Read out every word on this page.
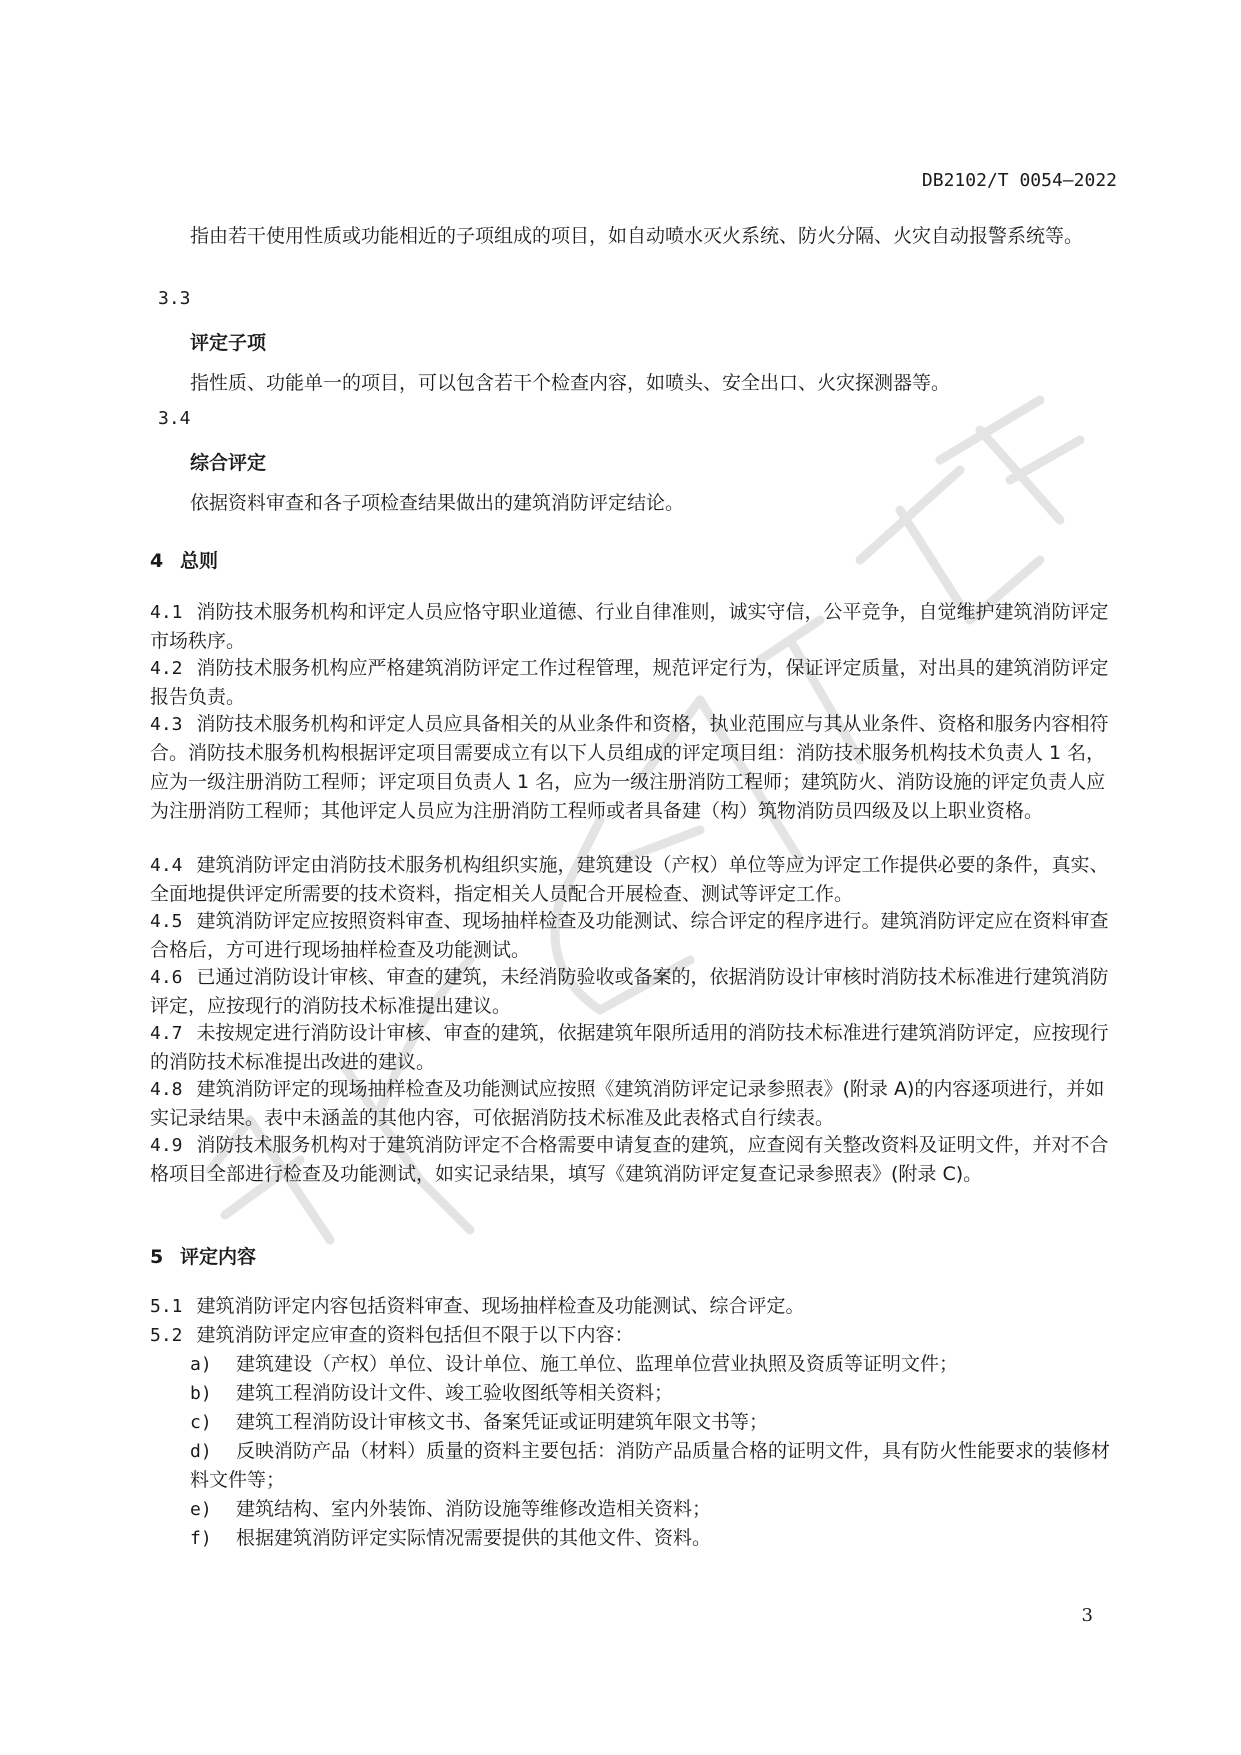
DB2102/T 0054—2022
指由若干使用性质或功能相近的子项组成的项目，如自动喷水灭火系统、防火分隔、火灾自动报警系统等。
3.3
评定子项
指性质、功能单一的项目，可以包含若干个检查内容，如喷头、安全出口、火灾探测器等。
3.4
综合评定
依据资料审查和各子项检查结果做出的建筑消防评定结论。
4 总则
4.1 消防技术服务机构和评定人员应恪守职业道德、行业自律准则，诚实守信，公平竞争，自觉维护建筑消防评定市场秩序。
4.2 消防技术服务机构应严格建筑消防评定工作过程管理，规范评定行为，保证评定质量，对出具的建筑消防评定报告负责。
4.3 消防技术服务机构和评定人员应具备相关的从业条件和资格，执业范围应与其从业条件、资格和服务内容相符合。消防技术服务机构根据评定项目需要成立有以下人员组成的评定项目组：消防技术服务机构技术负责人 1 名，应为一级注册消防工程师；评定项目负责人 1 名，应为一级注册消防工程师；建筑防火、消防设施的评定负责人应为注册消防工程师；其他评定人员应为注册消防工程师或者具备建（构）筑物消防员四级及以上职业资格。
4.4 建筑消防评定由消防技术服务机构组织实施，建筑建设（产权）单位等应为评定工作提供必要的条件，真实、全面地提供评定所需要的技术资料，指定相关人员配合开展检查、测试等评定工作。
4.5 建筑消防评定应按照资料审查、现场抽样检查及功能测试、综合评定的程序进行。建筑消防评定应在资料审查合格后，方可进行现场抽样检查及功能测试。
4.6 已通过消防设计审核、审查的建筑，未经消防验收或备案的，依据消防设计审核时消防技术标准进行建筑消防评定，应按现行的消防技术标准提出建议。
4.7 未按规定进行消防设计审核、审查的建筑，依据建筑年限所适用的消防技术标准进行建筑消防评定，应按现行的消防技术标准提出改进的建议。
4.8 建筑消防评定的现场抽样检查及功能测试应按照《建筑消防评定记录参照表》(附录 A)的内容逐项进行，并如实记录结果。表中未涵盖的其他内容，可依据消防技术标准及此表格式自行续表。
4.9 消防技术服务机构对于建筑消防评定不合格需要申请复查的建筑，应查阅有关整改资料及证明文件，并对不合格项目全部进行检查及功能测试，如实记录结果，填写《建筑消防评定复查记录参照表》(附录 C)。
5 评定内容
5.1 建筑消防评定内容包括资料审查、现场抽样检查及功能测试、综合评定。
5.2 建筑消防评定应审查的资料包括但不限于以下内容：
a) 建筑建设（产权）单位、设计单位、施工单位、监理单位营业执照及资质等证明文件；
b) 建筑工程消防设计文件、竣工验收图纸等相关资料；
c) 建筑工程消防设计审核文书、备案凭证或证明建筑年限文书等；
d) 反映消防产品（材料）质量的资料主要包括：消防产品质量合格的证明文件，具有防火性能要求的装修材料文件等；
e) 建筑结构、室内外装饰、消防设施等维修改造相关资料；
f) 根据建筑消防评定实际情况需要提供的其他文件、资料。
3
